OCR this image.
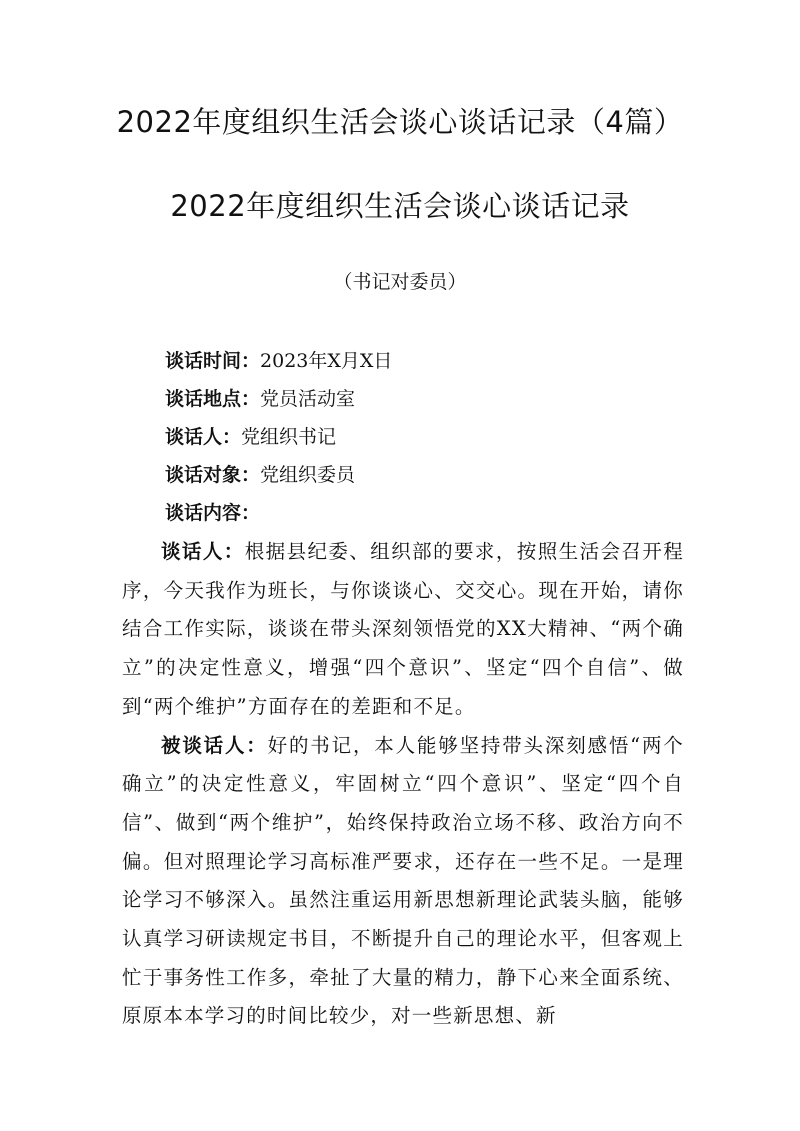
2022年度组织生活会谈心谈话记录（4篇）
2022年度组织生活会谈心谈话记录
（书记对委员）
谈话时间：2023年X月X日
谈话地点：党员活动室
谈话人：党组织书记
谈话对象：党组织委员
谈话内容：

谈话人：根据县纪委、组织部的要求，按照生活会召开程序，今天我作为班长，与你谈谈心、交交心。现在开始，请你结合工作实际，谈谈在带头深刻领悟党的XX大精神、“两个确立”的决定性意义，增强“四个意识”、坚定“四个自信”、做到“两个维护”方面存在的差距和不足。

被谈话人：好的书记，本人能够坚持带头深刻感悟“两个确立”的决定性意义，牢固树立“四个意识”、坚定“四个自信”、做到“两个维护”，始终保持政治立场不移、政治方向不偏。但对照理论学习高标准严要求，还存在一些不足。一是理论学习不够深入。虽然注重运用新思想新理论武装头脑，能够认真学习研读规定书目，不断提升自己的理论水平，但客观上忙于事务性工作多，牵扯了大量的精力，静下心来全面系统、原原本本学习的时间比较少，对一些新思想、新
